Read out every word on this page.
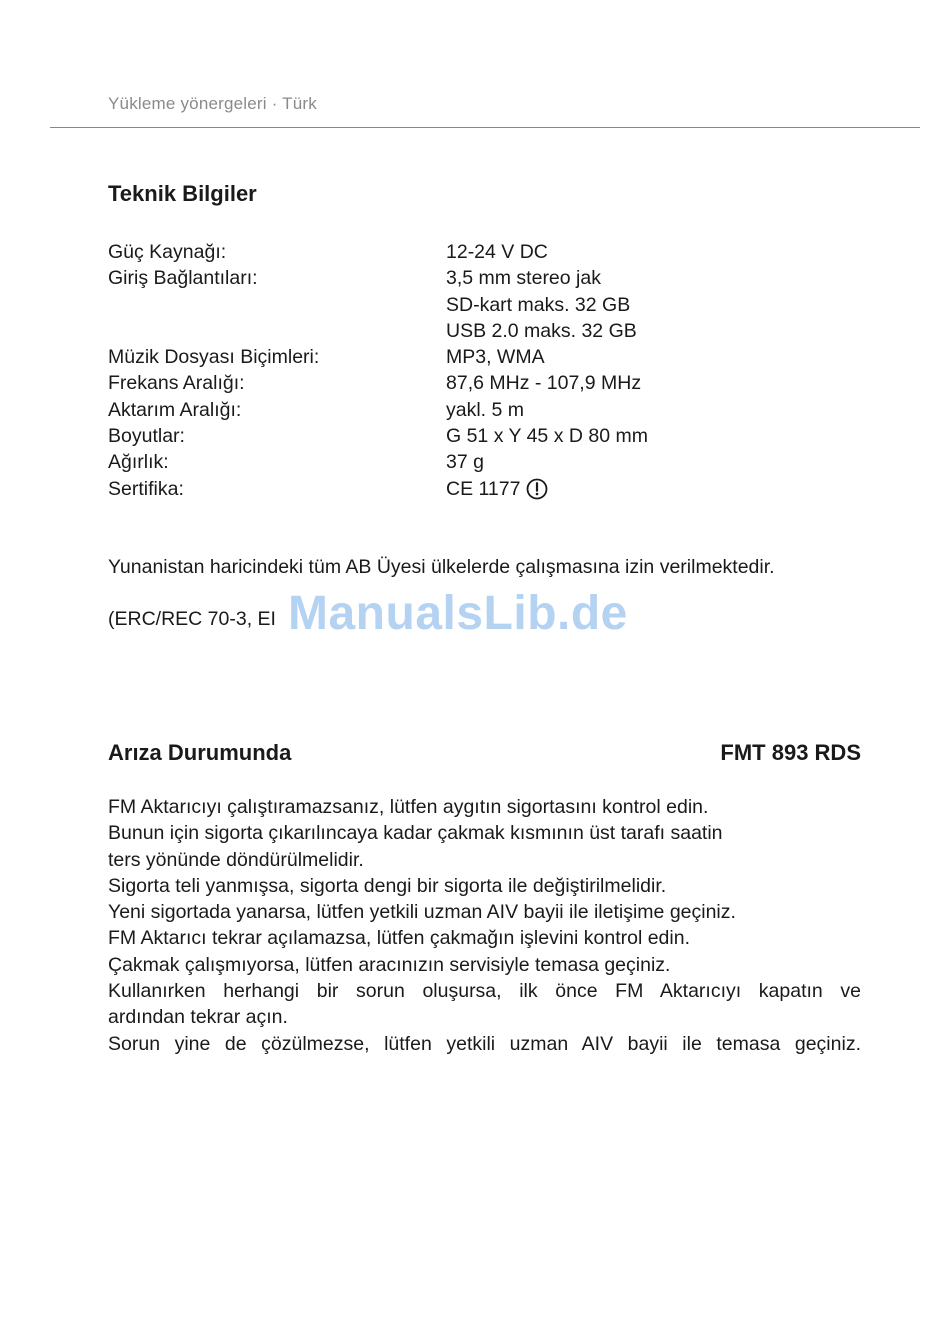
Yükleme yönergeleri · Türk
Teknik Bilgiler
Güç Kaynağı:	12-24 V DC
Giriş Bağlantıları:	3,5 mm stereo jak
SD-kart maks. 32 GB
USB 2.0 maks. 32 GB
Müzik Dosyası Biçimleri:	MP3, WMA
Frekans Aralığı:	87,6 MHz - 107,9 MHz
Aktarım Aralığı:	yakl. 5 m
Boyutlar:	G 51 x Y 45 x D 80 mm
Ağırlık:	37 g
Sertifika:	CE 1177
Yunanistan haricindeki tüm AB Üyesi ülkelerde çalışmasına izin verilmektedir.
(ERC/REC 70-3, EI ManualsLib.de
Arıza Durumunda	FMT 893 RDS
FM Aktarıcıyı çalıştıramazsanız, lütfen aygıtın sigortasını kontrol edin.
Bunun için sigorta çıkarılıncaya kadar çakmak kısmının üst tarafı saatin
ters yönünde döndürülmelidir.
Sigorta teli yanmışsa, sigorta dengi bir sigorta ile değiştirilmelidir.
Yeni sigortada yanarsa, lütfen yetkili uzman AIV bayii ile iletişime geçiniz.
FM Aktarıcı tekrar açılamazsa, lütfen çakmağın işlevini kontrol edin.
Çakmak çalışmıyorsa, lütfen aracınızın servisiyle temasa geçiniz.
Kullanırken herhangi bir sorun oluşursa, ilk önce FM Aktarıcıyı kapatın ve
ardından tekrar açın.
Sorun yine de çözülmezse, lütfen yetkili uzman AIV bayii ile temasa geçiniz.
